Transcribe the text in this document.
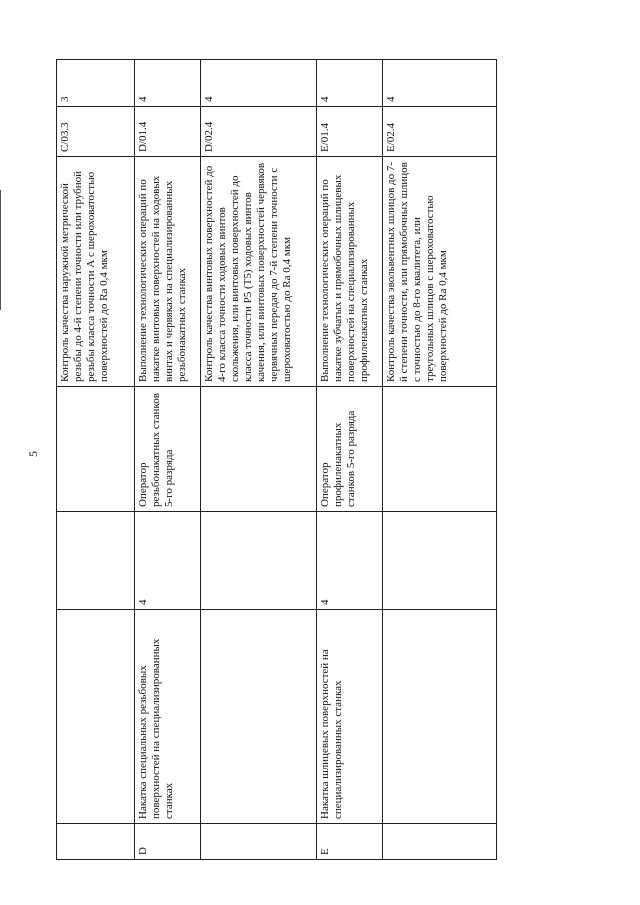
5
				Контроль качества наружной метрической резьбы до 4-й степени точности или трубной резьбы класса точности А с шероховатостью поверхностей до Ra 0,4 мкм	C/03.3	3
D	Накатка специальных резьбовых поверхностей на специализированных станках	4	Оператор резьбонакатных станков 5-го разряда	Выполнение технологических операций по накатке винтовых поверхностей на ходовых винтах и червяках на специализированных резьбонакатных станках	D/01.4	4
				Контроль качества винтовых поверхностей до 4-го класса точности ходовых винтов скольжения, или винтовых поверхностей до класса точности P5 (T5) ходовых винтов качения, или винтовых поверхностей червяков червячных передач до 7-й степени точности с шероховатостью до Ra 0,4 мкм	D/02.4	4
E	Накатка шлицевых поверхностей на специализированных станках	4	Оператор профиленакатных станков 5-го разряда	Выполнение технологических операций по накатке зубчатых и прямобочных шлицевых поверхностей на специализированных профиленакатных станках	E/01.4	4
				Контроль качества эвольвентных шлицов до 7-й степени точности, или прямобочных шлицов с точностью до 8-го квалитета, или треугольных шлицов с шероховатостью поверхностей до Ra 0,4 мкм	E/02.4	4
